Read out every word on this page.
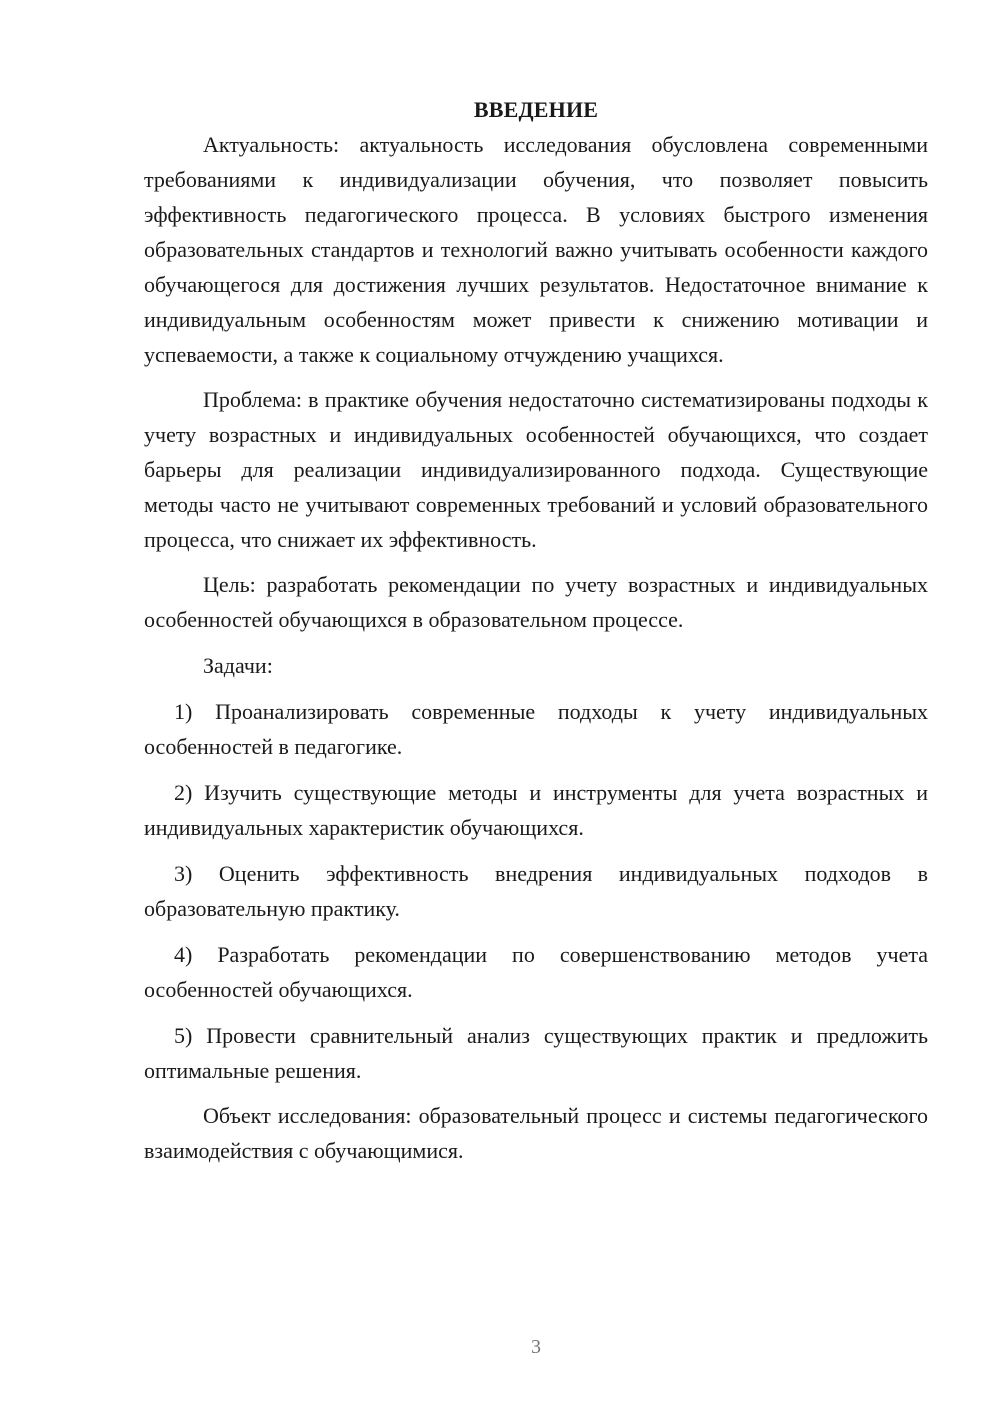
ВВЕДЕНИЕ

Актуальность: актуальность исследования обусловлена современными требованиями к индивидуализации обучения, что позволяет повысить эффективность педагогического процесса. В условиях быстрого изменения образовательных стандартов и технологий важно учитывать особенности каждого обучающегося для достижения лучших результатов. Недостаточное внимание к индивидуальным особенностям может привести к снижению мотивации и успеваемости, а также к социальному отчуждению учащихся.

Проблема: в практике обучения недостаточно систематизированы подходы к учету возрастных и индивидуальных особенностей обучающихся, что создает барьеры для реализации индивидуализированного подхода. Существующие методы часто не учитывают современных требований и условий образовательного процесса, что снижает их эффективность.

Цель: разработать рекомендации по учету возрастных и индивидуальных особенностей обучающихся в образовательном процессе.

Задачи:

1) Проанализировать современные подходы к учету индивидуальных особенностей в педагогике.

2) Изучить существующие методы и инструменты для учета возрастных и индивидуальных характеристик обучающихся.

3) Оценить эффективность внедрения индивидуальных подходов в образовательную практику.

4) Разработать рекомендации по совершенствованию методов учета особенностей обучающихся.

5) Провести сравнительный анализ существующих практик и предложить оптимальные решения.

Объект исследования: образовательный процесс и системы педагогического взаимодействия с обучающимися.

3
